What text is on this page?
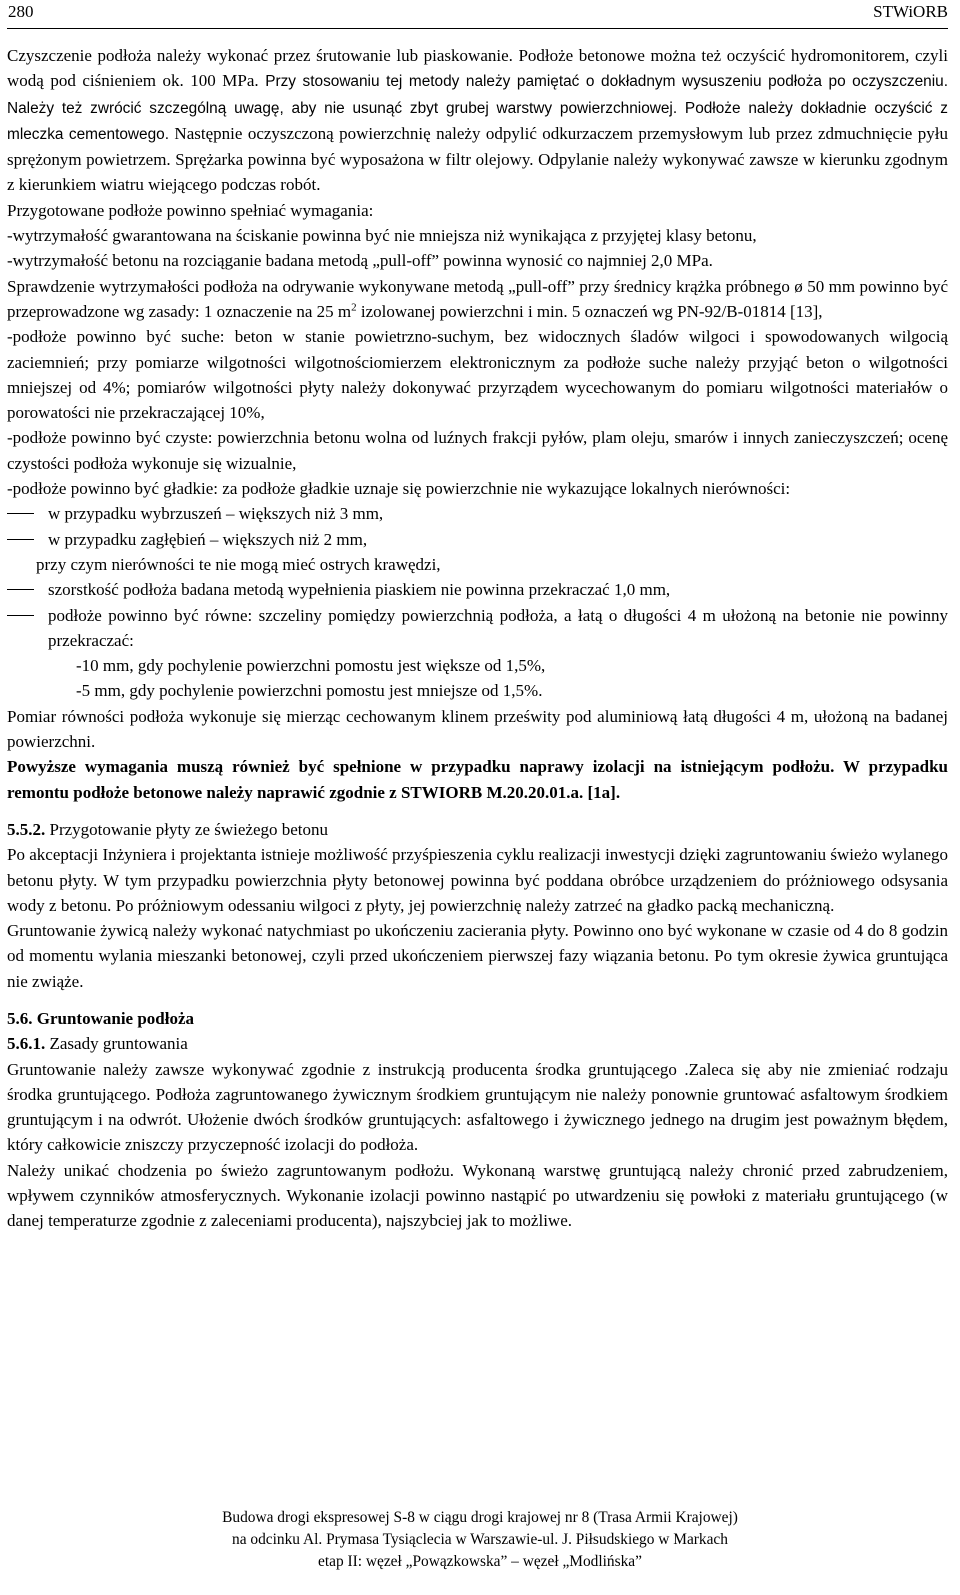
280	STWiORB

Czyszczenie podłoża należy wykonać przez śrutowanie lub piaskowanie. Podłoże betonowe można też oczyścić hydromonitorem, czyli wodą pod ciśnieniem ok. 100 MPa. Przy stosowaniu tej metody należy pamiętać o dokładnym wysuszeniu podłoża po oczyszczeniu. Należy też zwrócić szczególną uwagę, aby nie usunąć zbyt grubej warstwy powierzchniowej. Podłoże należy dokładnie oczyścić z mleczka cementowego. Następnie oczyszczoną powierzchnię należy odpylić odkurzaczem przemysłowym lub przez zdmuchnięcie pyłu sprężonym powietrzem. Sprężarka powinna być wyposażona w filtr olejowy. Odpylanie należy wykonywać zawsze w kierunku zgodnym z kierunkiem wiatru wiejącego podczas robót.

Przygotowane podłoże powinno spełniać wymagania:

-wytrzymałość gwarantowana na ściskanie powinna być nie mniejsza niż wynikająca z przyjętej klasy betonu,

-wytrzymałość betonu na rozciąganie badana metodą „pull-off” powinna wynosić co najmniej 2,0 MPa.

Sprawdzenie wytrzymałości podłoża na odrywanie wykonywane metodą „pull-off” przy średnicy krążka próbnego ø 50 mm powinno być przeprowadzone wg zasady: 1 oznaczenie na 25 $m^2$ izolowanej powierzchni i min. 5 oznaczeń wg PN-92/B-01814 [13],

-podłoże powinno być suche: beton w stanie powietrzno-suchym, bez widocznych śladów wilgoci i spowodowanych wilgocią zaciemnień; przy pomiarze wilgotności wilgotnościomierzem elektronicznym za podłoże suche należy przyjąć beton o wilgotności mniejszej od 4%; pomiarów wilgotności płyty należy dokonywać przyrządem wycechowanym do pomiaru wilgotności materiałów o porowatości nie przekraczającej 10%,

-podłoże powinno być czyste: powierzchnia betonu wolna od luźnych frakcji pyłów, plam oleju, smarów i innych zanieczyszczeń; ocenę czystości podłoża wykonuje się wizualnie,

-podłoże powinno być gładkie: za podłoże gładkie uznaje się powierzchnie nie wykazujące lokalnych nierówności:

w przypadku wybrzuszeń – większych niż 3 mm,

w przypadku zagłębień – większych niż 2 mm,

przy czym nierówności te nie mogą mieć ostrych krawędzi,

szorstkość podłoża badana metodą wypełnienia piaskiem nie powinna przekraczać 1,0 mm,

podłoże powinno być równe: szczeliny pomiędzy powierzchnią podłoża, a łatą o długości 4 m ułożoną na betonie nie powinny przekraczać:

-10 mm, gdy pochylenie powierzchni pomostu jest większe od 1,5%,

-5 mm, gdy pochylenie powierzchni pomostu jest mniejsze od 1,5%.

Pomiar równości podłoża wykonuje się mierząc cechowanym klinem prześwity pod aluminiową łatą długości 4 m, ułożoną na badanej powierzchni.

Powyższe wymagania muszą również być spełnione w przypadku naprawy izolacji na istniejącym podłożu. W przypadku remontu podłoże betonowe należy naprawić zgodnie z STWIORB M.20.20.01.a. [1a].

5.5.2. Przygotowanie płyty ze świeżego betonu

Po akceptacji Inżyniera i projektanta istnieje możliwość przyśpieszenia cyklu realizacji inwestycji dzięki zagruntowaniu świeżo wylanego betonu płyty. W tym przypadku powierzchnia płyty betonowej powinna być poddana obróbce urządzeniem do próżniowego odsysania wody z betonu. Po próżniowym odessaniu wilgoci z płyty, jej powierzchnię należy zatrzeć na gładko packą mechaniczną.

Gruntowanie żywicą należy wykonać natychmiast po ukończeniu zacierania płyty. Powinno ono być wykonane w czasie od 4 do 8 godzin od momentu wylania mieszanki betonowej, czyli przed ukończeniem pierwszej fazy wiązania betonu. Po tym okresie żywica gruntująca nie zwiąże.

5.6. Gruntowanie podłoża

5.6.1. Zasady gruntowania

Gruntowanie należy zawsze wykonywać zgodnie z instrukcją producenta środka gruntującego .Zaleca się aby nie zmieniać rodzaju środka gruntującego. Podłoża zagruntowanego żywicznym środkiem gruntującym nie należy ponownie gruntować asfaltowym środkiem gruntującym i na odwrót. Ułożenie dwóch środków gruntujących: asfaltowego i żywicznego jednego na drugim jest poważnym błędem, który całkowicie zniszczy przyczepność izolacji do podłoża.

Należy unikać chodzenia po świeżo zagruntowanym podłożu. Wykonaną warstwę gruntującą należy chronić przed zabrudzeniem, wpływem czynników atmosferycznych. Wykonanie izolacji powinno nastąpić po utwardzeniu się powłoki z materiału gruntującego (w danej temperaturze zgodnie z zaleceniami producenta), najszybciej jak to możliwe.

Budowa drogi ekspresowej S-8 w ciągu drogi krajowej nr 8 (Trasa Armii Krajowej)
na odcinku Al. Prymasa Tysiąclecia w Warszawie-ul. J. Piłsudskiego w Markach
etap II: węzeł „Powązkowska” – węzeł „Modlińska”
